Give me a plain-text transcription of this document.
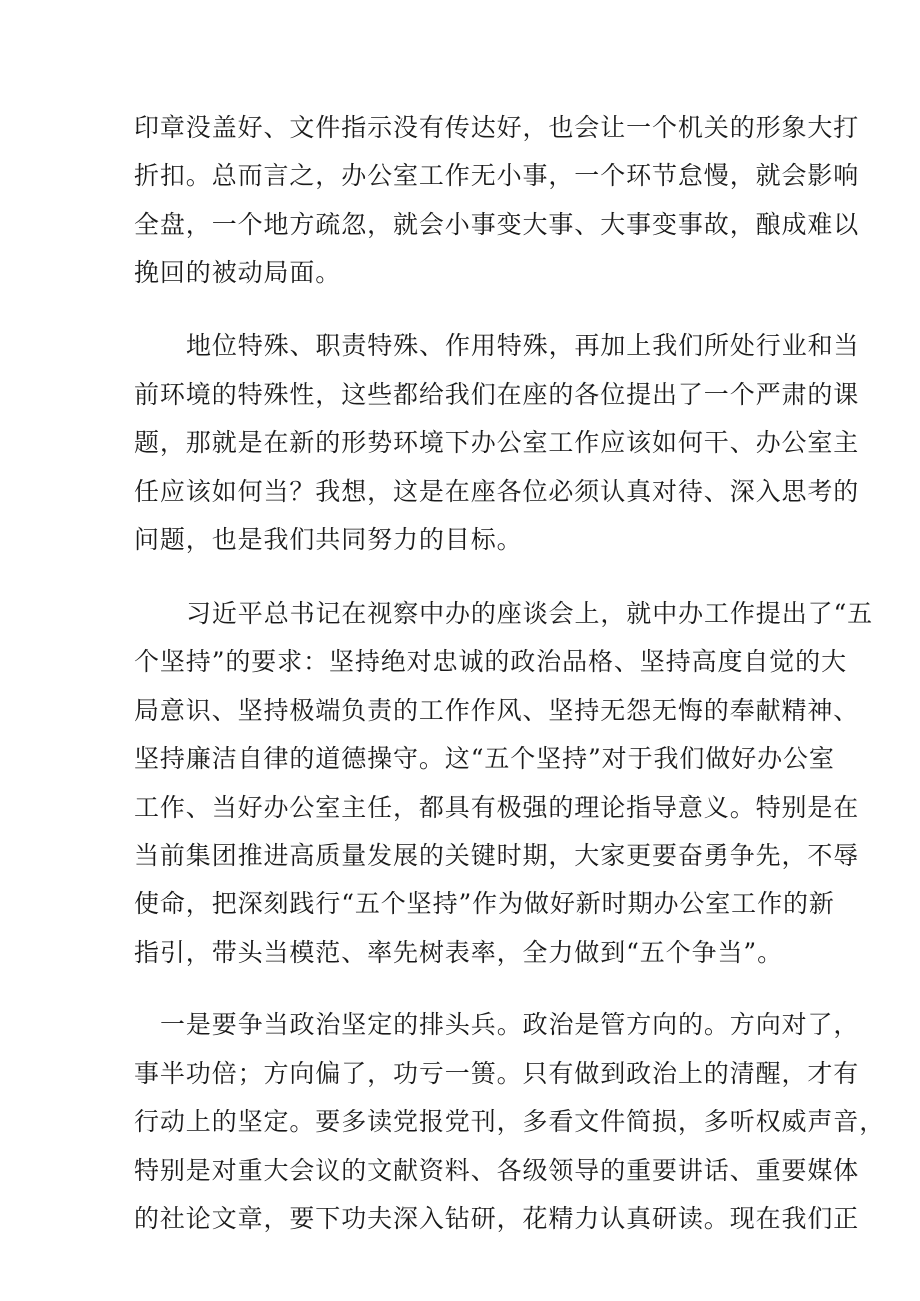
印章没盖好、文件指示没有传达好，也会让一个机关的形象大打
折扣。总而言之，办公室工作无小事，一个环节怠慢，就会影响
全盘，一个地方疏忽，就会小事变大事、大事变事故，酿成难以
挽回的被动局面。
地位特殊、职责特殊、作用特殊，再加上我们所处行业和当
前环境的特殊性，这些都给我们在座的各位提出了一个严肃的课
题，那就是在新的形势环境下办公室工作应该如何干、办公室主
任应该如何当？我想，这是在座各位必须认真对待、深入思考的
问题，也是我们共同努力的目标。
习近平总书记在视察中办的座谈会上，就中办工作提出了“五
个坚持”的要求：坚持绝对忠诚的政治品格、坚持高度自觉的大
局意识、坚持极端负责的工作作风、坚持无怨无悔的奉献精神、
坚持廉洁自律的道德操守。这“五个坚持”对于我们做好办公室
工作、当好办公室主任，都具有极强的理论指导意义。特别是在
当前集团推进高质量发展的关键时期，大家更要奋勇争先，不辱
使命，把深刻践行“五个坚持”作为做好新时期办公室工作的新
指引，带头当模范、率先树表率，全力做到“五个争当”。
一是要争当政治坚定的排头兵。政治是管方向的。方向对了，
事半功倍；方向偏了，功亏一篑。只有做到政治上的清醒，才有
行动上的坚定。要多读党报党刊，多看文件简损，多听权威声音，
特别是对重大会议的文献资料、各级领导的重要讲话、重要媒体
的社论文章，要下功夫深入钻研，花精力认真研读。现在我们正
